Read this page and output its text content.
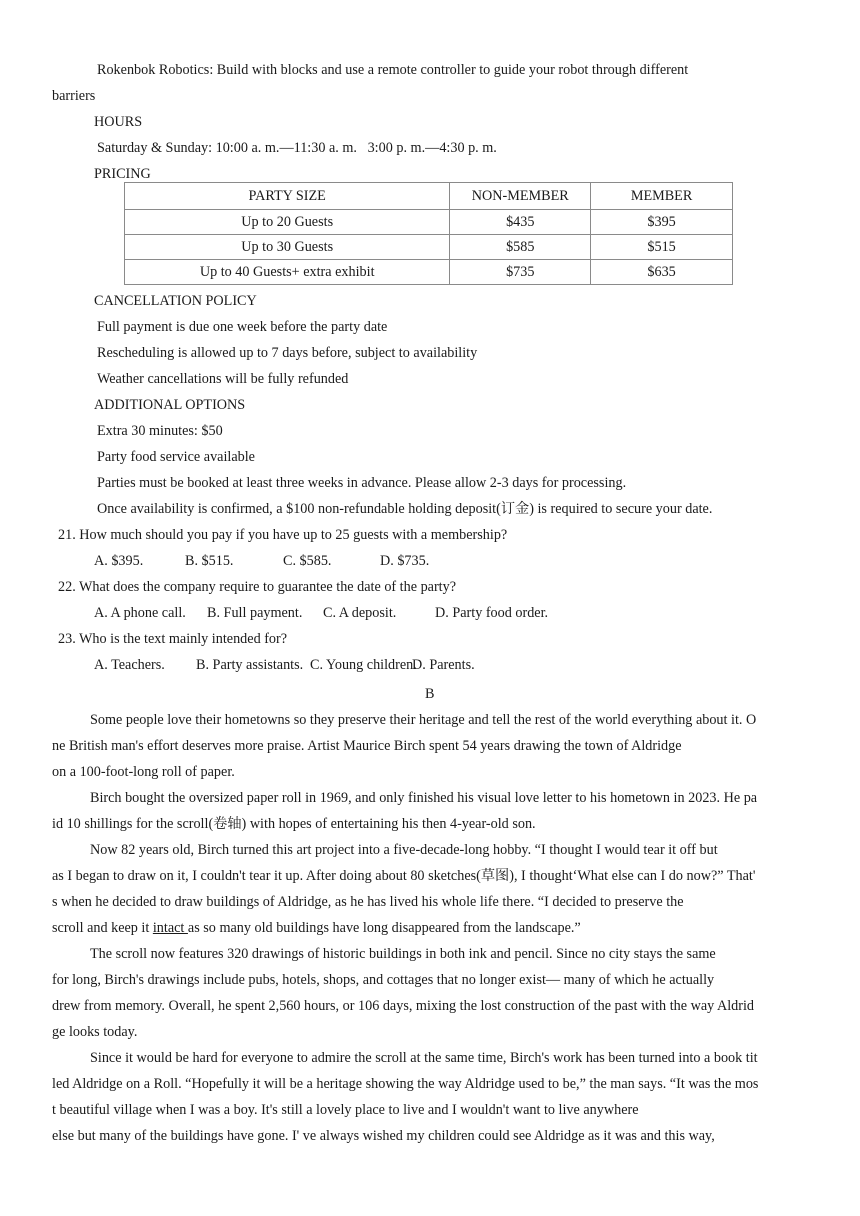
Rokenbok Robotics: Build with blocks and use a remote controller to guide your robot through different
barriers
HOURS
Saturday & Sunday: 10:00 a. m.—11:30 a. m.   3:00 p. m.—4:30 p. m.
PRICING
PARTY SIZE	NON-MEMBER	MEMBER
Up to 20 Guests	$435	$395
Up to 30 Guests	$585	$515
Up to 40 Guests+ extra exhibit	$735	$635
CANCELLATION POLICY
Full payment is due one week before the party date
Rescheduling is allowed up to 7 days before, subject to availability
Weather cancellations will be fully refunded
ADDITIONAL OPTIONS
Extra 30 minutes: $50
Party food service available
Parties must be booked at least three weeks in advance. Please allow 2-3 days for processing.
Once availability is confirmed, a $100 non-refundable holding deposit(订金) is required to secure your date.
21. How much should you pay if you have up to 25 guests with a membership?
A. $395.	B. $515.	C. $585.	D. $735.
22. What does the company require to guarantee the date of the party?
A. A phone call. B. Full payment. C. A deposit.	D. Party food order.
23. Who is the text mainly intended for?
A. Teachers. B. Party assistants. C. Young children.D. Parents.
B
Some people love their hometowns so they preserve their heritage and tell the rest of the world everything about it. O
ne British man's effort deserves more praise. Artist Maurice Birch spent 54 years drawing the town of Aldridge
on a 100-foot-long roll of paper.
Birch bought the oversized paper roll in 1969, and only finished his visual love letter to his hometown in 2023. He pa
id 10 shillings for the scroll(卷轴) with hopes of entertaining his then 4-year-old son.
Now 82 years old, Birch turned this art project into a five-decade-long hobby. “I thought I would tear it off but
as I began to draw on it, I couldn't tear it up. After doing about 80 sketches(草图), I thought‘What else can I do now?” That'
s when he decided to draw buildings of Aldridge, as he has lived his whole life there. “I decided to preserve the
scroll and keep it intact as so many old buildings have long disappeared from the landscape.”
The scroll now features 320 drawings of historic buildings in both ink and pencil. Since no city stays the same
for long, Birch's drawings include pubs, hotels, shops, and cottages that no longer exist— many of which he actually
drew from memory. Overall, he spent 2,560 hours, or 106 days, mixing the lost construction of the past with the way Aldrid
ge looks today.
Since it would be hard for everyone to admire the scroll at the same time, Birch's work has been turned into a book tit
led Aldridge on a Roll. “Hopefully it will be a heritage showing the way Aldridge used to be,” the man says. “It was the mos
t beautiful village when I was a boy. It's still a lovely place to live and I wouldn't want to live anywhere
else but many of the buildings have gone. I' ve always wished my children could see Aldridge as it was and this way,
